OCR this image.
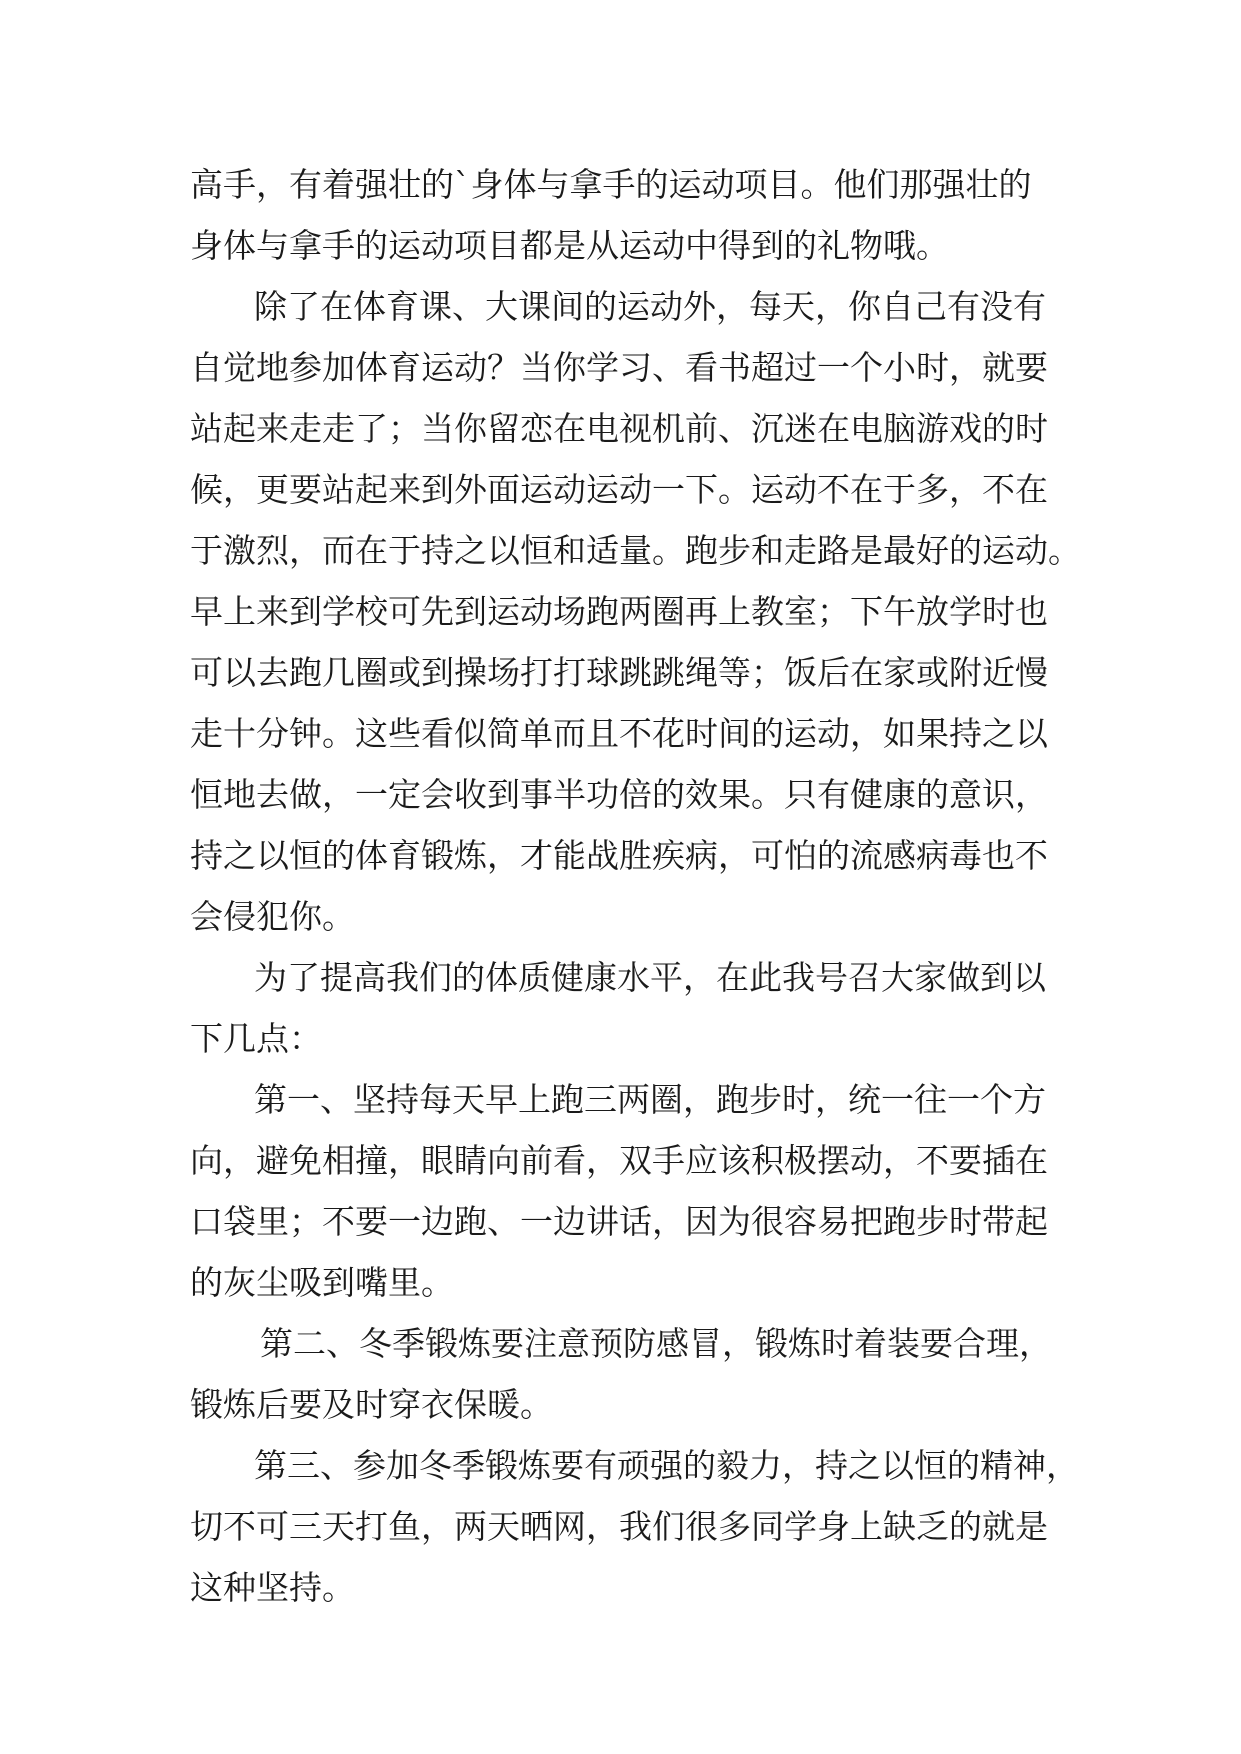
高手，有着强壮的`身体与拿手的运动项目。他们那强壮的
身体与拿手的运动项目都是从运动中得到的礼物哦。
除了在体育课、大课间的运动外，每天，你自己有没有
自觉地参加体育运动？当你学习、看书超过一个小时，就要
站起来走走了；当你留恋在电视机前、沉迷在电脑游戏的时
候，更要站起来到外面运动运动一下。运动不在于多，不在
于激烈，而在于持之以恒和适量。跑步和走路是最好的运动。
早上来到学校可先到运动场跑两圈再上教室；下午放学时也
可以去跑几圈或到操场打打球跳跳绳等；饭后在家或附近慢
走十分钟。这些看似简单而且不花时间的运动，如果持之以
恒地去做，一定会收到事半功倍的效果。只有健康的意识，
持之以恒的体育锻炼，才能战胜疾病，可怕的流感病毒也不
会侵犯你。
为了提高我们的体质健康水平，在此我号召大家做到以
下几点：
第一、坚持每天早上跑三两圈，跑步时，统一往一个方
向，避免相撞，眼睛向前看，双手应该积极摆动，不要插在
口袋里；不要一边跑、一边讲话，因为很容易把跑步时带起
的灰尘吸到嘴里。
第二、冬季锻炼要注意预防感冒，锻炼时着装要合理，
锻炼后要及时穿衣保暖。
第三、参加冬季锻炼要有顽强的毅力，持之以恒的精神，
切不可三天打鱼，两天晒网，我们很多同学身上缺乏的就是
这种坚持。
